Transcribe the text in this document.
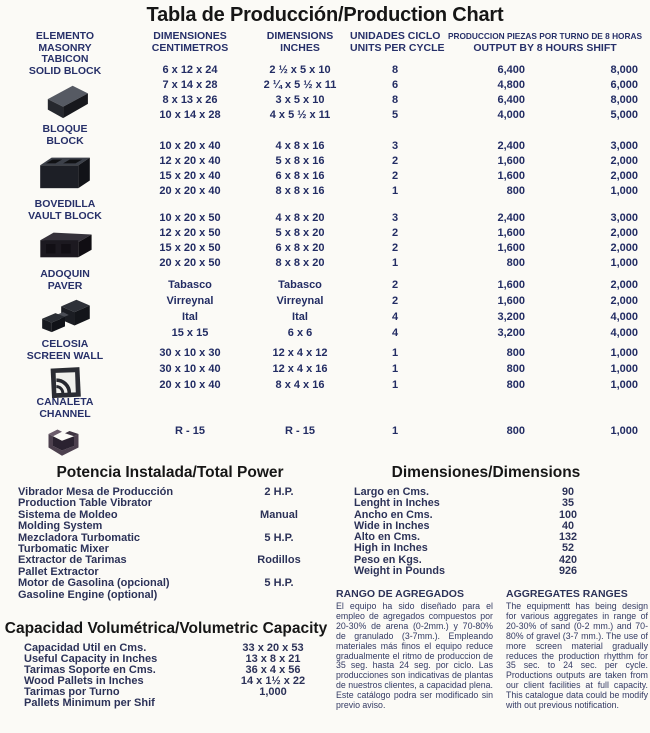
Tabla de Producción/Production Chart
ELEMENTO
MASONRY
DIMENSIONES
CENTIMETROS
DIMENSIONS
INCHES
UNIDADES CICLO
UNITS PER CYCLE
PRODUCCION PIEZAS POR TURNO DE 8 HORAS
OUTPUT BY 8 HOURS SHIFT
TABICON
SOLID BLOCK	6 x 12 x 24	2 ½ x 5 x 10	8	6,400	8,000
7 x 14 x 28	2 ¼ x 5 ½ x 11	6	4,800	6,000
8 x 13 x 26	3 x 5 x 10	8	6,400	8,000
10 x 14 x 28	4 x 5 ½ x 11	5	4,000	5,000
BLOQUE
BLOCK	10 x 20 x 40	4 x 8 x 16	3	2,400	3,000
12 x 20 x 40	5 x 8 x 16	2	1,600	2,000
15 x 20 x 40	6 x 8 x 16	2	1,600	2,000
20 x 20 x 40	8 x 8 x 16	1	800	1,000
BOVEDILLA
VAULT BLOCK	10 x 20 x 50	4 x 8 x 20	3	2,400	3,000
12 x 20 x 50	5 x 8 x 20	2	1,600	2,000
15 x 20 x 50	6 x 8 x 20	2	1,600	2,000
20 x 20 x 50	8 x 8 x 20	1	800	1,000
ADOQUIN
PAVER	Tabasco	Tabasco	2	1,600	2,000
Virreynal	Virreynal	2	1,600	2,000
Ital	Ital	4	3,200	4,000
15 x 15	6 x 6	4	3,200	4,000
CELOSIA
SCREEN WALL	30 x 10 x 30	12 x 4 x 12	1	800	1,000
30 x 10 x 40	12 x 4 x 16	1	800	1,000
20 x 10 x 40	8 x 4 x 16	1	800	1,000
CANALETA
CHANNEL
R - 15	R - 15	1	800	1,000
Potencia Instalada/Total Power
Vibrador Mesa de Producción	2 H.P.
Production Table Vibrator
Sistema de Moldeo	Manual
Molding System
Mezcladora Turbomatic	5 H.P.
Turbomatic Mixer
Extractor de Tarimas	Rodillos
Pallet Extractor
Motor de Gasolina (opcional)	5 H.P.
Gasoline Engine (optional)
Dimensiones/Dimensions
Largo en Cms.	90
Lenght in Inches	35
Ancho en Cms.	100
Wide in Inches	40
Alto en Cms.	132
High in Inches	52
Peso en Kgs.	420
Weight in Pounds	926
RANGO DE AGREGADOS

El equipo ha sido diseñado para el empleo de agregados compuestos por 20-30% de arena (0-2mm.) y 70-80% de granulado (3-7mm.). Empleando materiales más finos el equipo reduce gradualmente el ritmo de produccion de 35 seg. hasta 24 seg. por ciclo. Las producciones son indicativas de plantas de nuestros clientes, a capacidad plena. Este catálogo podra ser modificado sin previo aviso.

AGGREGATES RANGES

The equipmentt has being design for various aggregates in range of 20-30% of sand (0-2 mm.) and 70-80% of gravel (3-7 mm.). The use of more screen material gradually reduces the production rhytthm for 35 sec. to 24 sec. per cycle. Productions outputs are taken from our client facilities at full capacity. This catalogue data could be modify with out previous notification.

Capacidad Volumétrica/Volumetric Capacity
Capacidad Util en Cms.	33 x 20 x 53
Useful Capacity in Inches	13 x 8 x 21
Tarimas Soporte en Cms.	36 x 4 x 56
Wood Pallets in Inches	14 x 1½ x 22
Tarimas por Turno	1,000
Pallets Minimum per Shif
